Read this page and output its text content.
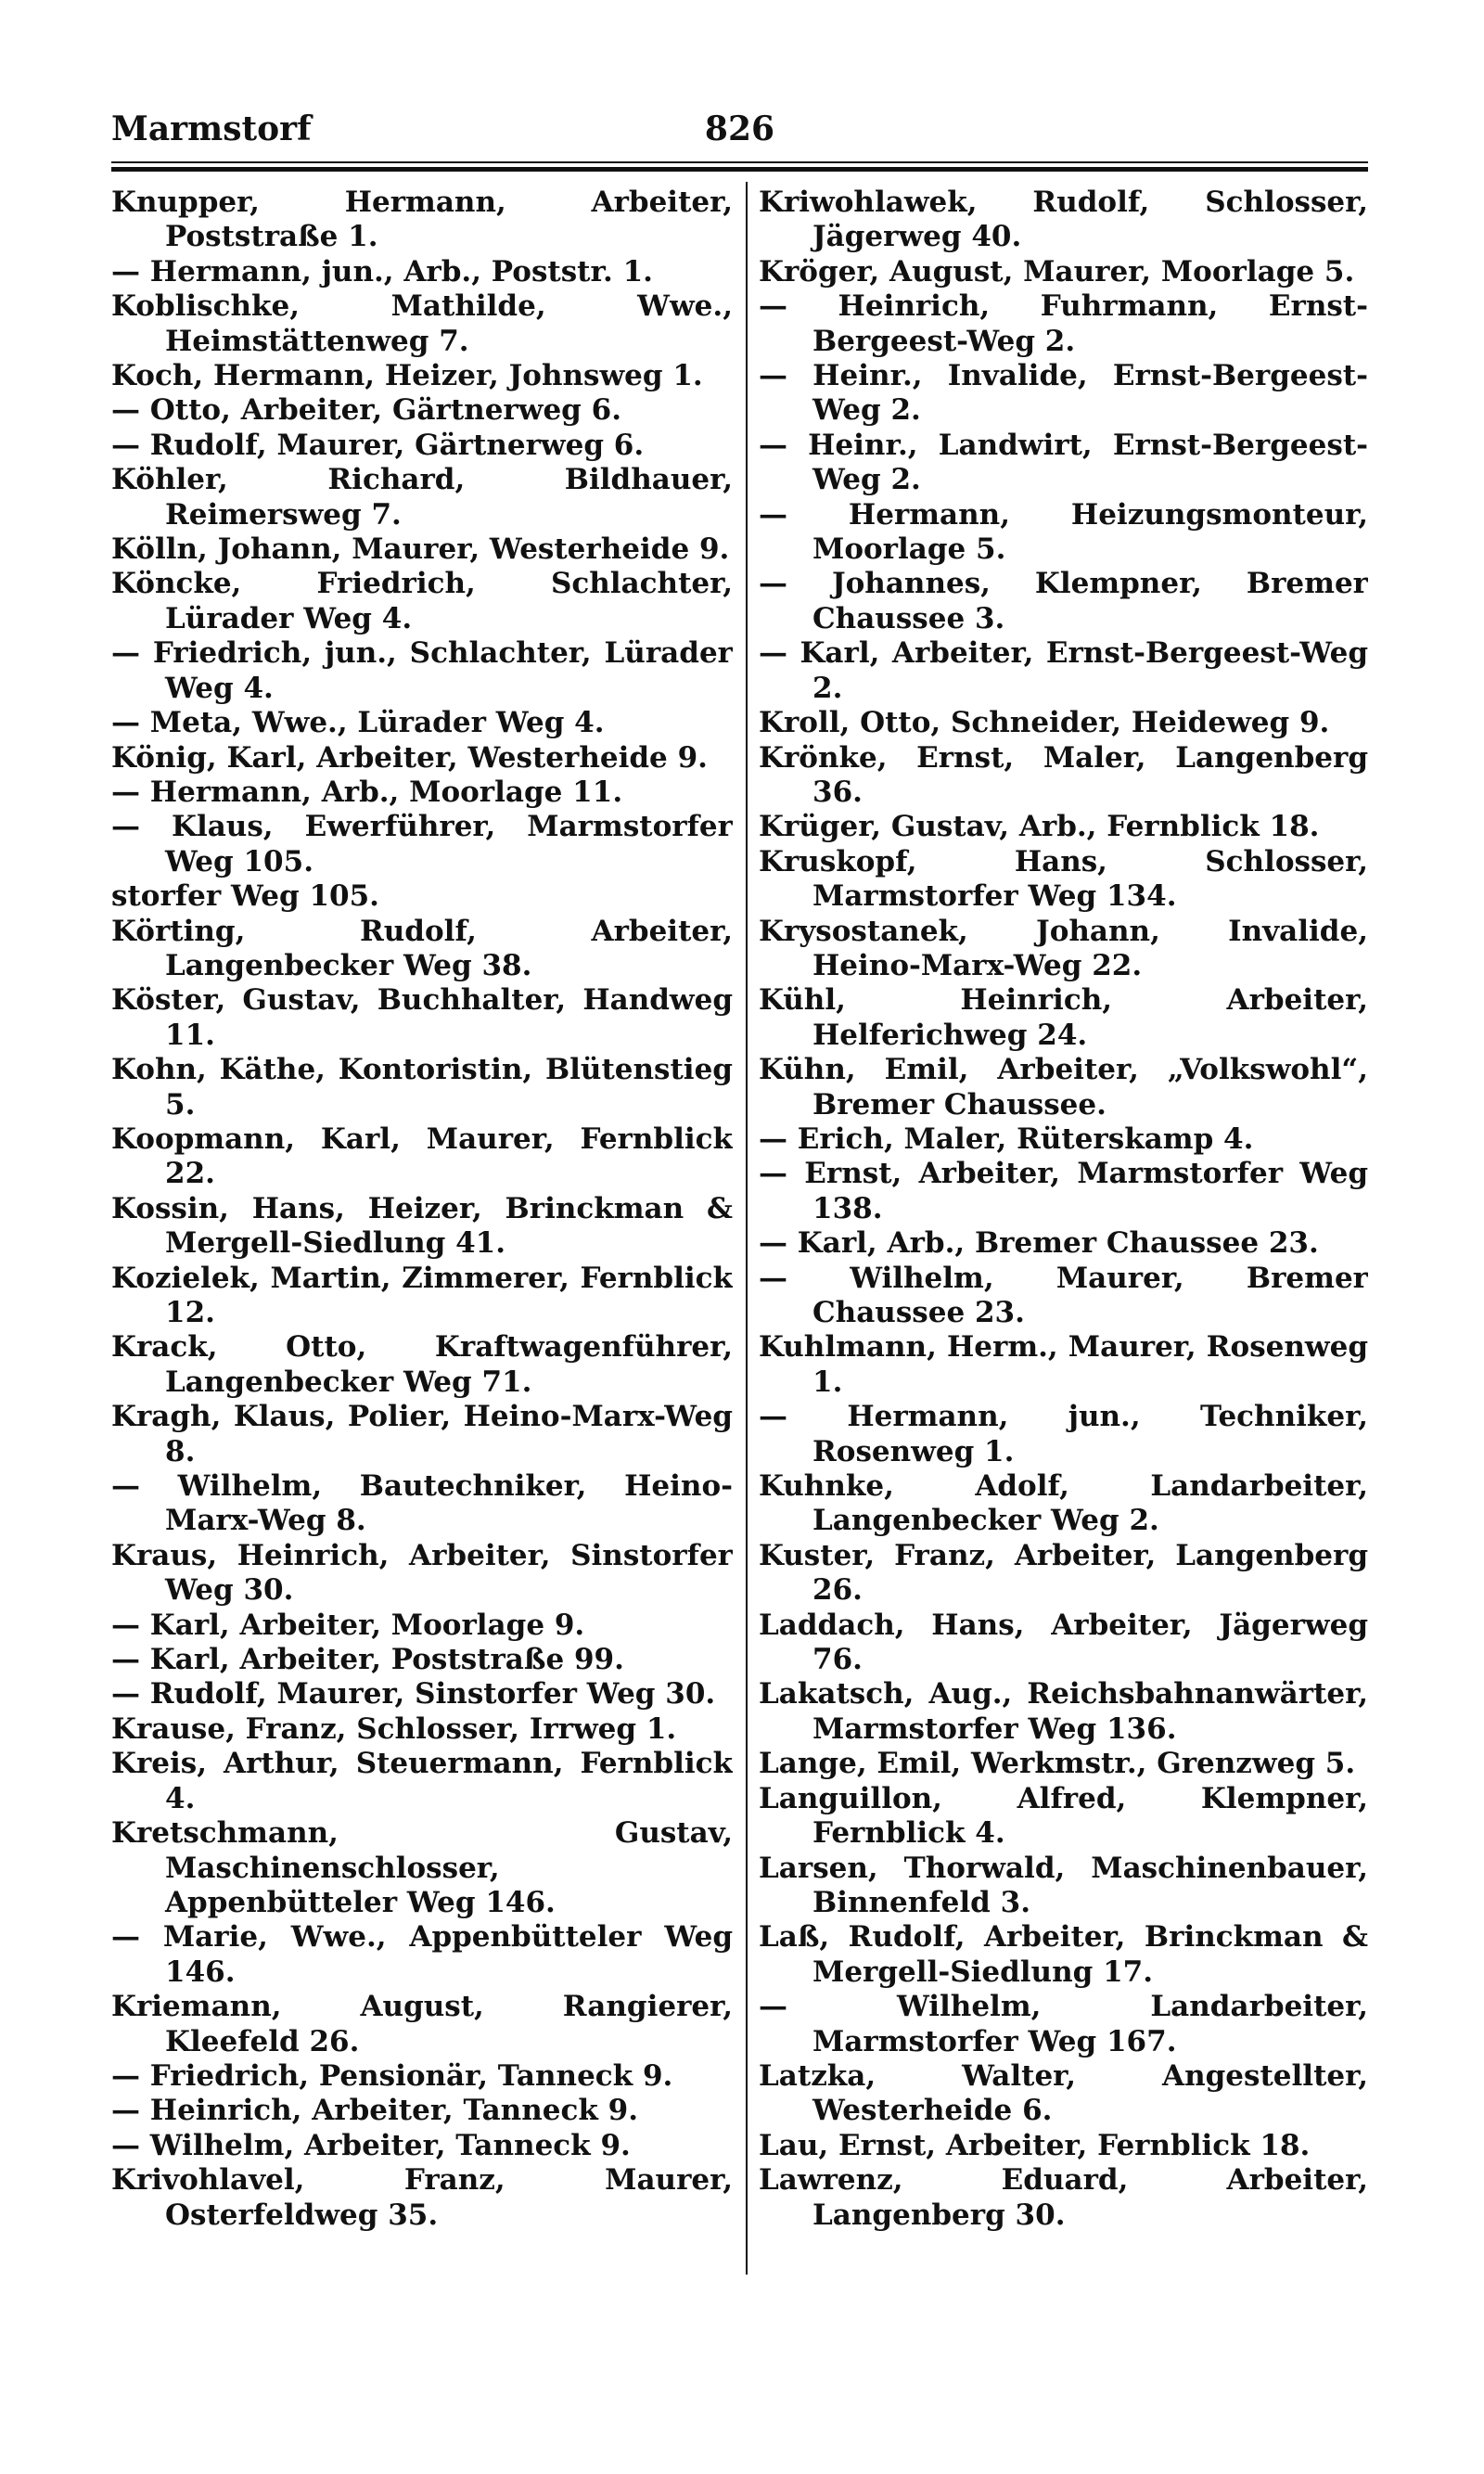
Marmstorf	826

Knupper, Hermann, Arbeiter, Poststraße 1.

— Hermann, jun., Arb., Poststr. 1.

Koblischke, Mathilde, Wwe., Heimstättenweg 7.

Koch, Hermann, Heizer, Johnsweg 1.

— Otto, Arbeiter, Gärtnerweg 6.

— Rudolf, Maurer, Gärtnerweg 6.

Köhler, Richard, Bildhauer, Reimersweg 7.

Kölln, Johann, Maurer, Westerheide 9.

Köncke, Friedrich, Schlachter, Lürader Weg 4.

— Friedrich, jun., Schlachter, Lürader Weg 4.

— Meta, Wwe., Lürader Weg 4.

König, Karl, Arbeiter, Westerheide 9.

— Hermann, Arb., Moorlage 11.

— Klaus, Ewerführer, Marmstorfer Weg 105.

storfer Weg 105.

Körting, Rudolf, Arbeiter, Langenbecker Weg 38.

Köster, Gustav, Buchhalter, Handweg 11.

Kohn, Käthe, Kontoristin, Blütenstieg 5.

Koopmann, Karl, Maurer, Fernblick 22.

Kossin, Hans, Heizer, Brinckman & Mergell-Siedlung 41.

Kozielek, Martin, Zimmerer, Fernblick 12.

Krack, Otto, Kraftwagenführer, Langenbecker Weg 71.

Kragh, Klaus, Polier, Heino-Marx-Weg 8.

— Wilhelm, Bautechniker, Heino-Marx-Weg 8.

Kraus, Heinrich, Arbeiter, Sinstorfer Weg 30.

— Karl, Arbeiter, Moorlage 9.

— Karl, Arbeiter, Poststraße 99.

— Rudolf, Maurer, Sinstorfer Weg 30.

Krause, Franz, Schlosser, Irrweg 1.

Kreis, Arthur, Steuermann, Fernblick 4.

Kretschmann, Gustav, Maschinenschlosser, Appenbütteler Weg 146.

— Marie, Wwe., Appenbütteler Weg 146.

Kriemann, August, Rangierer, Kleefeld 26.

— Friedrich, Pensionär, Tanneck 9.

— Heinrich, Arbeiter, Tanneck 9.

— Wilhelm, Arbeiter, Tanneck 9.

Krivohlavel, Franz, Maurer, Osterfeldweg 35.

Kriwohlawek, Rudolf, Schlosser, Jägerweg 40.

Kröger, August, Maurer, Moorlage 5.

— Heinrich, Fuhrmann, Ernst-Bergeest-Weg 2.

— Heinr., Invalide, Ernst-Bergeest-Weg 2.

— Heinr., Landwirt, Ernst-Bergeest-Weg 2.

— Hermann, Heizungsmonteur, Moorlage 5.

— Johannes, Klempner, Bremer Chaussee 3.

— Karl, Arbeiter, Ernst-Bergeest-Weg 2.

Kroll, Otto, Schneider, Heideweg 9.

Krönke, Ernst, Maler, Langenberg 36.

Krüger, Gustav, Arb., Fernblick 18.

Kruskopf, Hans, Schlosser, Marmstorfer Weg 134.

Krysostanek, Johann, Invalide, Heino-Marx-Weg 22.

Kühl, Heinrich, Arbeiter, Helferichweg 24.

Kühn, Emil, Arbeiter, „Volkswohl“, Bremer Chaussee.

— Erich, Maler, Rüterskamp 4.

— Ernst, Arbeiter, Marmstorfer Weg 138.

— Karl, Arb., Bremer Chaussee 23.

— Wilhelm, Maurer, Bremer Chaussee 23.

Kuhlmann, Herm., Maurer, Rosenweg 1.

— Hermann, jun., Techniker, Rosenweg 1.

Kuhnke, Adolf, Landarbeiter, Langenbecker Weg 2.

Kuster, Franz, Arbeiter, Langenberg 26.

Laddach, Hans, Arbeiter, Jägerweg 76.

Lakatsch, Aug., Reichsbahnanwärter, Marmstorfer Weg 136.

Lange, Emil, Werkmstr., Grenzweg 5.

Languillon, Alfred, Klempner, Fernblick 4.

Larsen, Thorwald, Maschinenbauer, Binnenfeld 3.

Laß, Rudolf, Arbeiter, Brinckman & Mergell-Siedlung 17.

— Wilhelm, Landarbeiter, Marmstorfer Weg 167.

Latzka, Walter, Angestellter, Westerheide 6.

Lau, Ernst, Arbeiter, Fernblick 18.

Lawrenz, Eduard, Arbeiter, Langenberg 30.
